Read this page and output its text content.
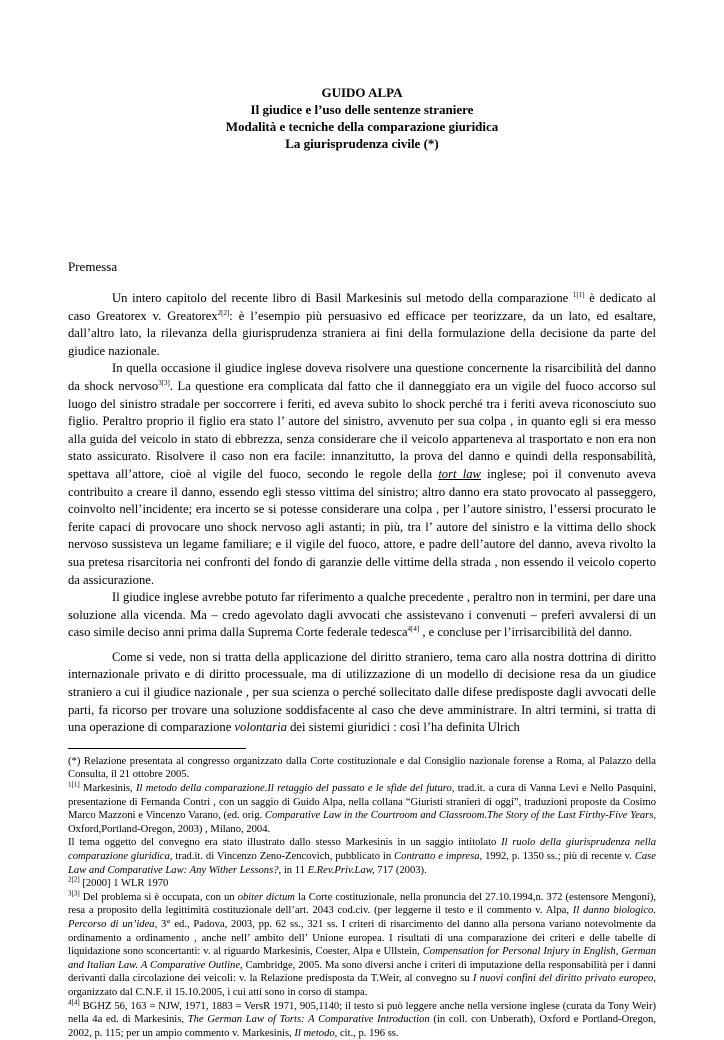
GUIDO ALPA
Il giudice e l’uso delle sentenze straniere
Modalità e tecniche della comparazione giuridica
La giurisprudenza civile (*)
Premessa

Un intero capitolo del recente libro di Basil Markesinis sul metodo della comparazione $^{1[1]}$ è dedicato al caso Greatorex v. Greatorex$^{2[2]}$: è l’esempio più persuasivo ed efficace per teorizzare, da un lato, ed esaltare, dall’altro lato, la rilevanza della giurisprudenza straniera ai fini della formulazione della decisione da parte del giudice nazionale.

In quella occasione il giudice inglese doveva risolvere una questione concernente la risarcibilità del danno da shock nervoso$^{3[3]}$. La questione era complicata dal fatto che il danneggiato era un vigile del fuoco accorso sul luogo del sinistro stradale per soccorrere i feriti, ed aveva subito lo shock perché tra i feriti aveva riconosciuto suo figlio. Peraltro proprio il figlio era stato l’ autore del sinistro, avvenuto per sua colpa , in quanto egli si era messo alla guida del veicolo in stato di ebbrezza, senza considerare che il veicolo apparteneva al trasportato e non era non stato assicurato. Risolvere il caso non era facile: innanzitutto, la prova del danno e quindi della responsabilità, spettava all’attore, cioè al vigile del fuoco, secondo le regole della tort law inglese; poi il convenuto aveva contribuito a creare il danno, essendo egli stesso vittima del sinistro; altro danno era stato provocato al passeggero, coinvolto nell’incidente; era incerto se si potesse considerare una colpa , per l’autore sinistro, l’essersi procurato le ferite capaci di provocare uno shock nervoso agli astanti; in più, tra l’ autore del sinistro e la vittima dello shock nervoso sussisteva un legame familiare; e il vigile del fuoco, attore, e padre dell’autore del danno, aveva rivolto la sua pretesa risarcitoria nei confronti del fondo di garanzie delle vittime della strada , non essendo il veicolo coperto da assicurazione.

Il giudice inglese avrebbe potuto far riferimento a qualche precedente , peraltro non in termini, per dare una soluzione alla vicenda. Ma – credo agevolato dagli avvocati che assistevano i convenuti – preferì avvalersi di un caso simile deciso anni prima dalla Suprema Corte federale tedesca$^{4[4]}$ , e concluse per l’irrisarcibilità del danno.

Come si vede, non si tratta della applicazione del diritto straniero, tema caro alla nostra dottrina di diritto internazionale privato e di diritto processuale, ma di utilizzazione di un modello di decisione resa da un giudice straniero a cui il giudice nazionale , per sua scienza o perché sollecitato dalle difese predisposte dagli avvocati delle parti, fa ricorso per trovare una soluzione soddisfacente al caso che deve amministrare. In altri termini, si tratta di una operazione di comparazione volontaria dei sistemi giuridici : così l’ha definita Ulrich

(*) Relazione presentata al congresso organizzato dalla Corte costituzionale e dal Consiglio nazionale forense a Roma, al Palazzo della Consulta, il 21 ottobre 2005.
$^{1[1]}$ Markesinis, Il metodo della comparazione.Il retaggio del passato e le sfide del futuro, trad.it. a cura di Vanna Levi e Nello Pasquini, presentazione di Fernanda Contri , con un saggio di Guido Alpa, nella collana “Giuristi stranieri di oggi”, traduzioni proposte da Cosimo Marco Mazzoni e Vincenzo Varano, (ed. orig. Comparative Law in the Courtroom and Classroom.The Story of the Last Firthy-Five Years, Oxford,Portland-Oregon, 2003) , Milano, 2004.
Il tema oggetto del convegno era stato illustrato dallo stesso Markesinis in un saggio intitolato Il ruolo della giurisprudenza nella comparazione giuridica, trad.it. di Vincenzo Zeno-Zencovich, pubblicato in Contratto e impresa, 1992, p. 1350 ss.; più di recente v. Case Law and Comparative Law: Any Wither Lessons?, in 11 E.Rev.Priv.Law, 717 (2003).
$^{2[2]}$ [2000] 1 WLR 1970
$^{3[3]}$ Del problema si è occupata, con un obiter dictum la Corte costituzionale, nella pronuncia del 27.10.1994,n. 372 (estensore Mengoni), resa a proposito della legittimità costituzionale dell’art. 2043 cod.civ. (per leggerne il testo e il commento v. Alpa, Il danno biologico. Percorso di un’idea, 3° ed., Padova, 2003, pp. 62 ss., 321 ss. I criteri di risarcimento del danno alla persona variano notevolmente da ordinamento a ordinamento , anche nell’ ambito dell’ Unione europea. I risultati di una comparazione dei criteri e delle tabelle di liquidazione sono sconcertanti: v. al riguardo Markesinis, Coester, Alpa e Ullstein, Compensation for Personal Injury in English, German and Italian Law. A Comparative Outline, Cambridge, 2005. Ma sono diversi anche i criteri di imputazione della responsabilità per i danni derivanti dalla circolazione dei veicoli: v. la Relazione predisposta da T.Weir, al convegno su I nuovi confini del diritto privato europeo, organizzato dal C.N.F. il 15.10.2005, i cui atti sono in corso di stampa.
$^{4[4]}$ BGHZ 56, 163 = NJW, 1971, 1883 = VersR 1971, 905,1140; il testo si può leggere anche nella versione inglese (curata da Tony Weir) nella 4a ed. di Markesinis, The German Law of Torts: A Comparative Introduction (in coll. con Unberath), Oxford e Portland-Oregon, 2002, p. 115; per un ampio commento v. Markesinis, Il metodo, cit., p. 196 ss.
